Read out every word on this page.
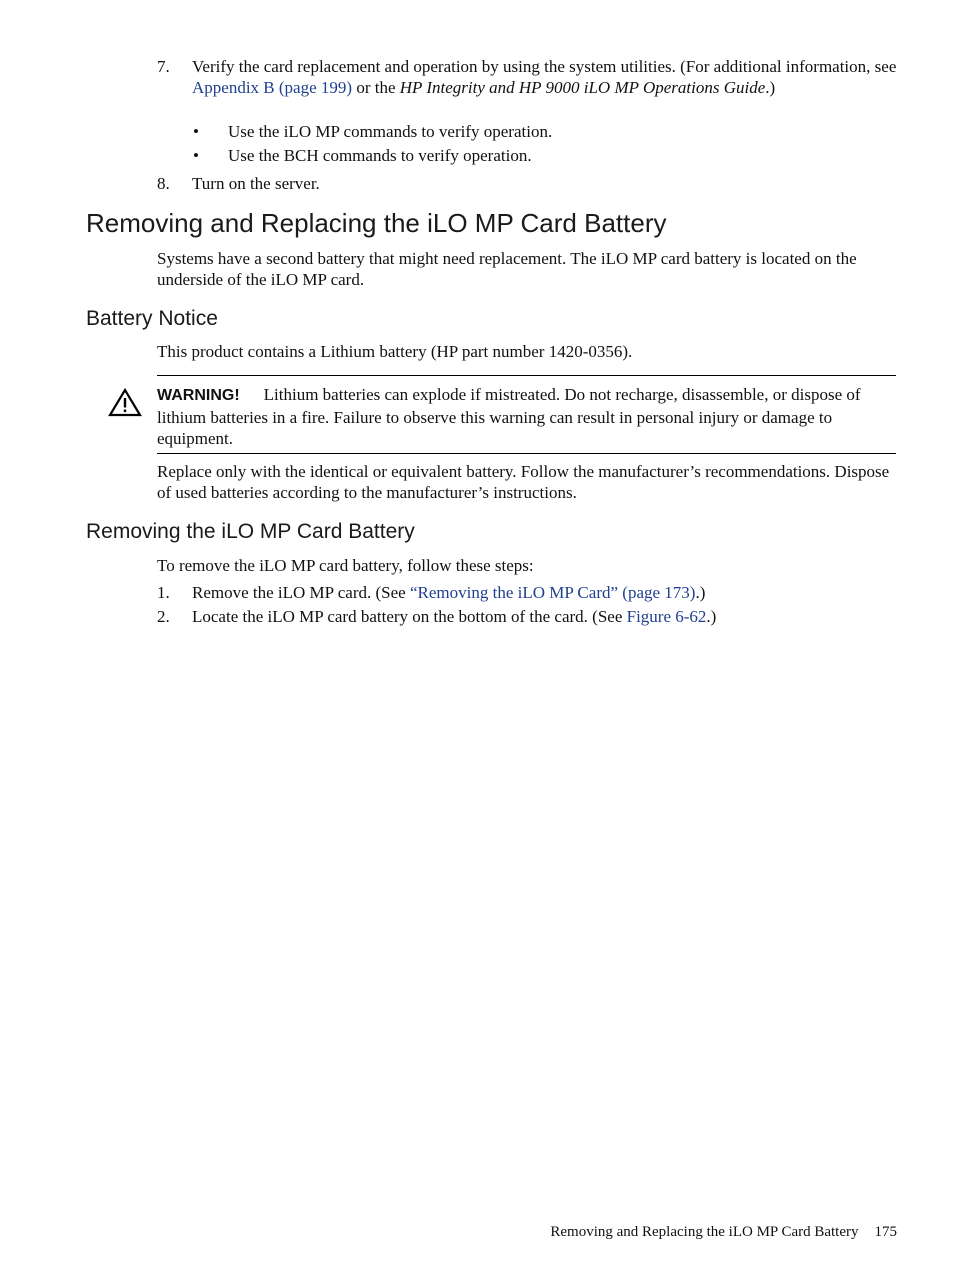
7. Verify the card replacement and operation by using the system utilities. (For additional information, see Appendix B (page 199) or the HP Integrity and HP 9000 iLO MP Operations Guide.)
• Use the iLO MP commands to verify operation.
• Use the BCH commands to verify operation.
8. Turn on the server.
Removing and Replacing the iLO MP Card Battery
Systems have a second battery that might need replacement. The iLO MP card battery is located on the underside of the iLO MP card.
Battery Notice
This product contains a Lithium battery (HP part number 1420-0356).
WARNING! Lithium batteries can explode if mistreated. Do not recharge, disassemble, or dispose of lithium batteries in a fire. Failure to observe this warning can result in personal injury or damage to equipment.
Replace only with the identical or equivalent battery. Follow the manufacturer’s recommendations. Dispose of used batteries according to the manufacturer’s instructions.
Removing the iLO MP Card Battery
To remove the iLO MP card battery, follow these steps:
1. Remove the iLO MP card. (See “Removing the iLO MP Card” (page 173).)
2. Locate the iLO MP card battery on the bottom of the card. (See Figure 6-62.)
Removing and Replacing the iLO MP Card Battery 175
